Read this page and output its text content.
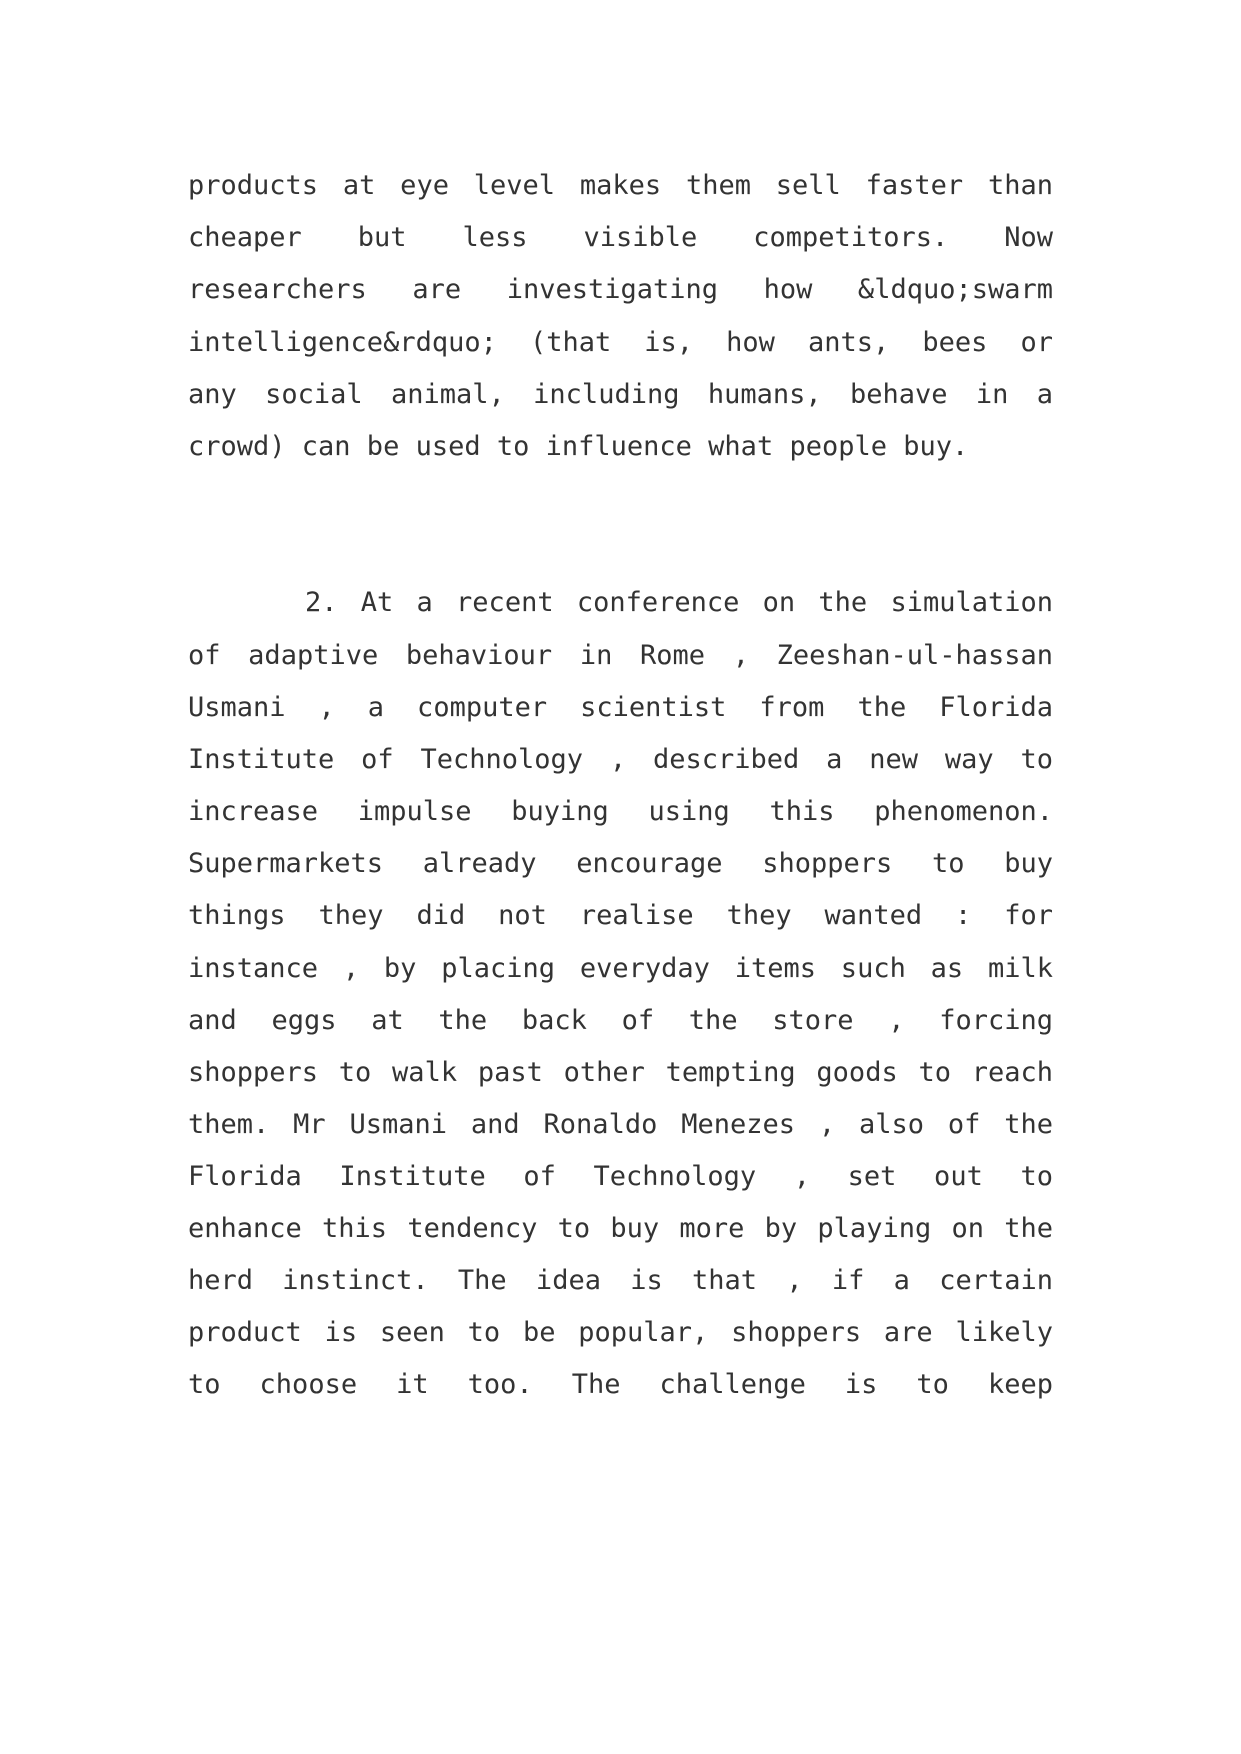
products at eye level makes them sell faster than
cheaper but less visible competitors. Now
researchers are investigating how &ldquo;swarm
intelligence&rdquo; (that is, how ants, bees or
any social animal, including humans, behave in a
crowd) can be used to influence what people buy.
2. At a recent conference on the simulation
of adaptive behaviour in Rome , Zeeshan-ul-hassan
Usmani , a computer scientist from the Florida
Institute of Technology , described a new way to
increase impulse buying using this phenomenon.
Supermarkets already encourage shoppers to buy
things they did not realise they wanted : for
instance , by placing everyday items such as milk
and eggs at the back of the store , forcing
shoppers to walk past other tempting goods to reach
them. Mr Usmani and Ronaldo Menezes , also of the
Florida Institute of Technology , set out to
enhance this tendency to buy more by playing on the
herd instinct. The idea is that , if a certain
product is seen to be popular, shoppers are likely
to choose it too. The challenge is to keep
